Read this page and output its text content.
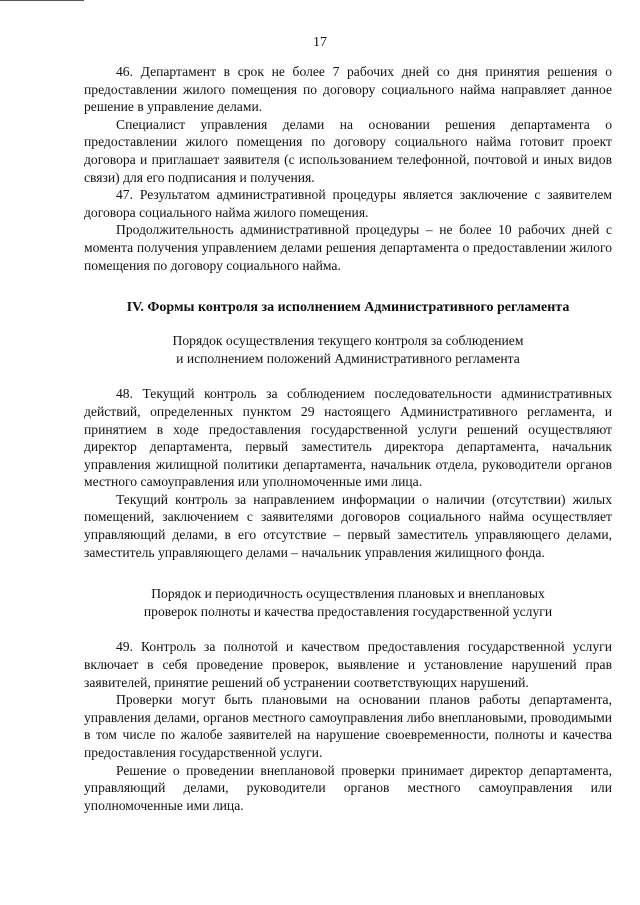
17

46. Департамент в срок не более 7 рабочих дней со дня принятия решения о предоставлении жилого помещения по договору социального найма направляет данное решение в управление делами.

Специалист управления делами на основании решения департамента о предоставлении жилого помещения по договору социального найма готовит проект договора и приглашает заявителя (с использованием телефонной, почтовой и иных видов связи) для его подписания и получения.

47. Результатом административной процедуры является заключение с заявителем договора социального найма жилого помещения.

Продолжительность административной процедуры – не более 10 рабочих дней с момента получения управлением делами решения департамента о предоставлении жилого помещения по договору социального найма.

IV. Формы контроля за исполнением Административного регламента
Порядок осуществления текущего контроля за соблюдением
и исполнением положений Административного регламента

48. Текущий контроль за соблюдением последовательности административных действий, определенных пунктом 29 настоящего Административного регламента, и принятием в ходе предоставления государственной услуги решений осуществляют директор департамента, первый заместитель директора департамента, начальник управления жилищной политики департамента, начальник отдела, руководители органов местного самоуправления или уполномоченные ими лица.

Текущий контроль за направлением информации о наличии (отсутствии) жилых помещений, заключением с заявителями договоров социального найма осуществляет управляющий делами, в его отсутствие – первый заместитель управляющего делами, заместитель управляющего делами – начальник управления жилищного фонда.

Порядок и периодичность осуществления плановых и внеплановых
проверок полноты и качества предоставления государственной услуги

49. Контроль за полнотой и качеством предоставления государственной услуги включает в себя проведение проверок, выявление и установление нарушений прав заявителей, принятие решений об устранении соответствующих нарушений.

Проверки могут быть плановыми на основании планов работы департамента, управления делами, органов местного самоуправления либо внеплановыми, проводимыми в том числе по жалобе заявителей на нарушение своевременности, полноты и качества предоставления государственной услуги.

Решение о проведении внеплановой проверки принимает директор департамента, управляющий делами, руководители органов местного самоуправления или уполномоченные ими лица.
